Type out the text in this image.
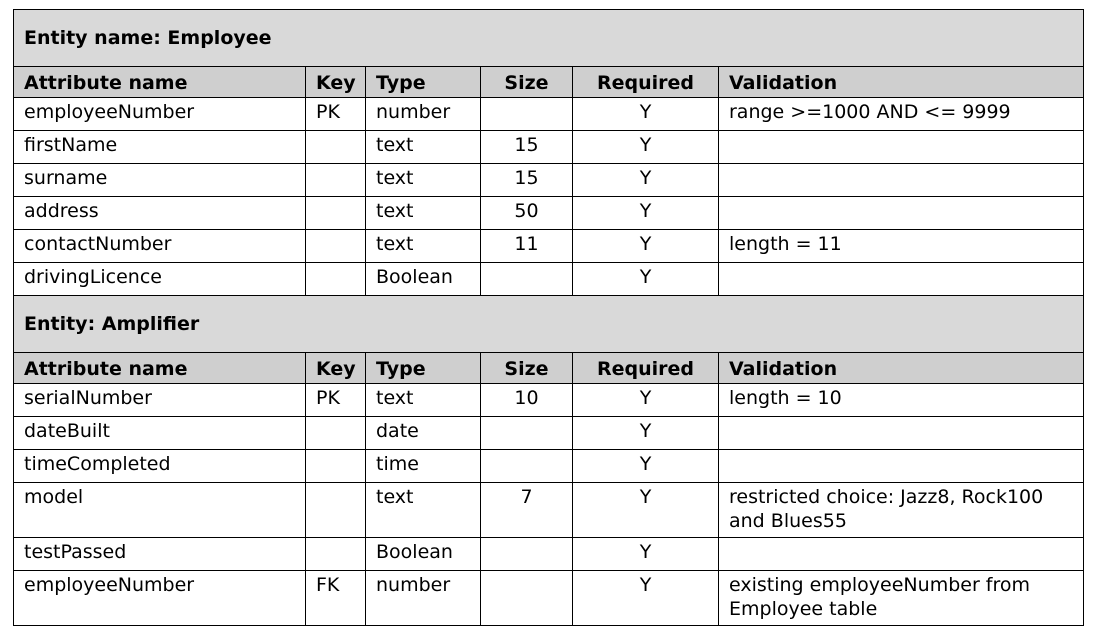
Entity name: Employee					
Attribute name	Key	Type	Size	Required	Validation
employeeNumber	PK	number		Y	range >=1000 AND <= 9999
firstName		text	15	Y	
surname		text	15	Y	
address		text	50	Y	
contactNumber		text	11	Y	length = 11
drivingLicence		Boolean		Y	
Entity: Amplifier					
Attribute name	Key	Type	Size	Required	Validation
serialNumber	PK	text	10	Y	length = 10
dateBuilt		date		Y	
timeCompleted		time		Y	
model		text	7	Y	restricted choice: Jazz8, Rock100 and Blues55
testPassed		Boolean		Y	
employeeNumber	FK	number		Y	existing employeeNumber from Employee table
